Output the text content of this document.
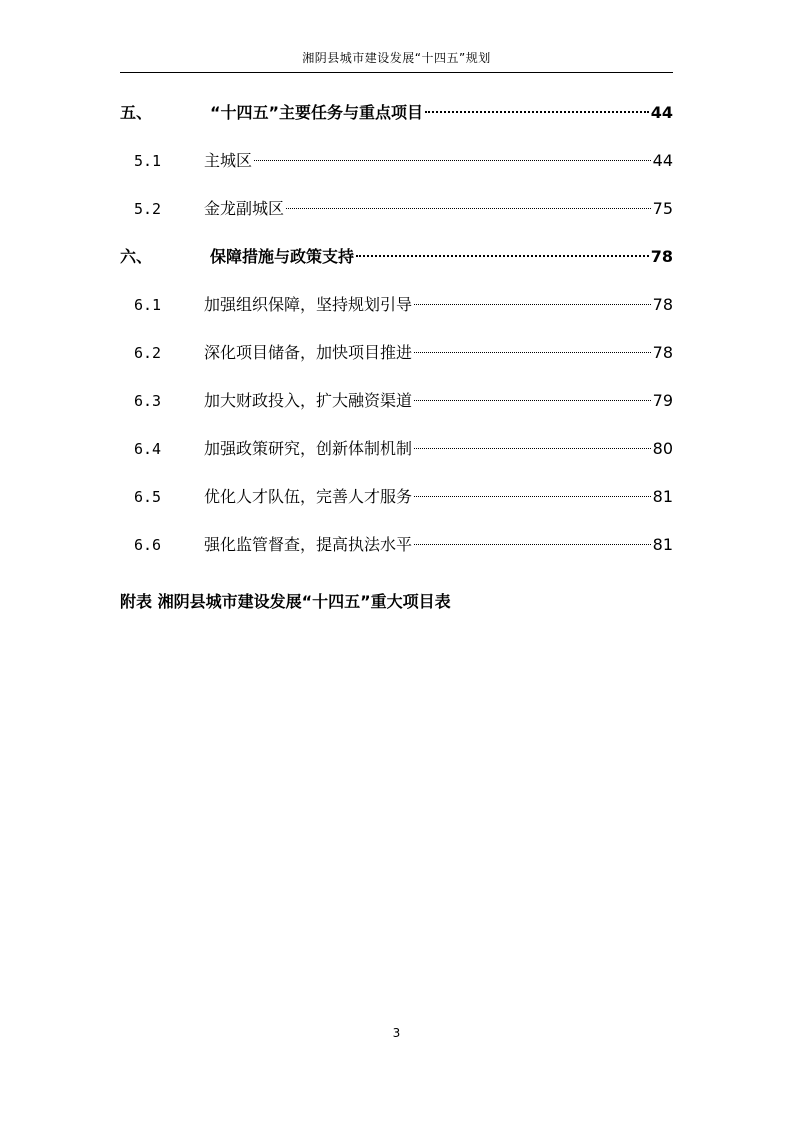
湘阴县城市建设发展“十四五”规划
五、	“十四五”主要任务与重点项目	44
5.1	主城区	44
5.2	金龙副城区	75
六、	保障措施与政策支持	78
6.1	加强组织保障，坚持规划引导	78
6.2	深化项目储备，加快项目推进	78
6.3	加大财政投入，扩大融资渠道	79
6.4	加强政策研究，创新体制机制	80
6.5	优化人才队伍，完善人才服务	81
6.6	强化监管督查，提高执法水平	81
附表 湘阴县城市建设发展“十四五”重大项目表
3
